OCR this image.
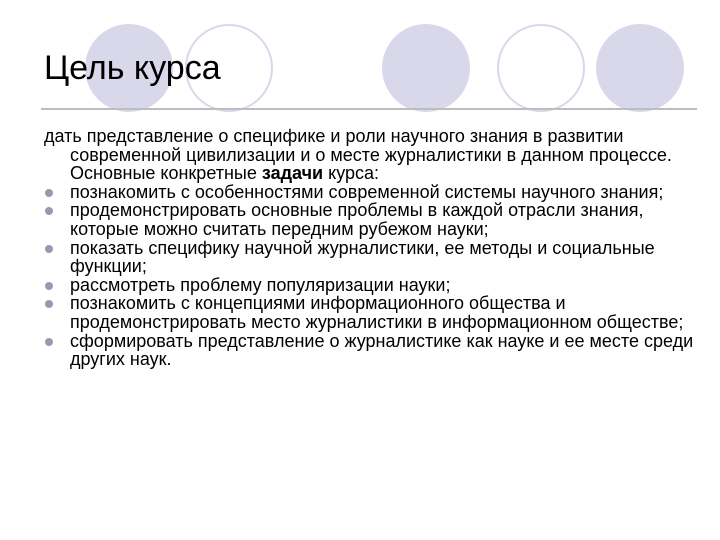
Цель курса

дать представление о специфике и роли научного знания в развитии современной цивилизации и о месте журналистики в данном процессе. Основные конкретные задачи курса:

познакомить с особенностями современной системы научного знания;
продемонстрировать основные проблемы в каждой отрасли знания, которые можно считать передним рубежом науки;
показать специфику научной журналистики, ее методы и социальные функции;
рассмотреть проблему популяризации науки;
познакомить с концепциями информационного общества и продемонстрировать место журналистики в информационном обществе;
сформировать представление о журналистике как науке и ее месте среди других наук.
